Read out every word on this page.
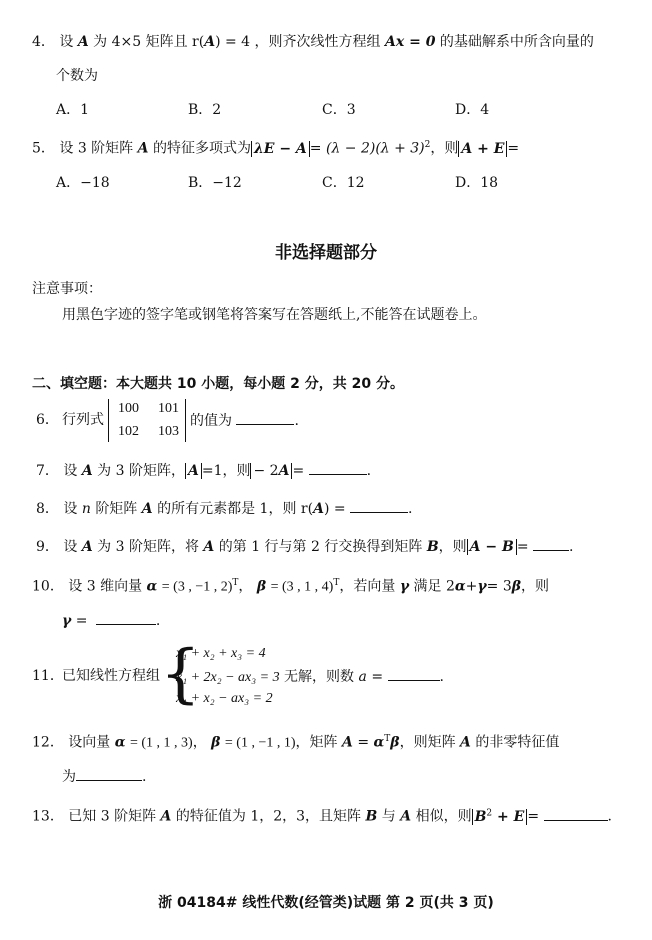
4． 设 A 为 4×5 矩阵且 r(A) = 4 ，则齐次线性方程组 Ax = 0 的基础解系中所含向量的
个数为
A．1	B．2	C．3	D．4
5． 设 3 阶矩阵 A 的特征多项式为 $\lambda E - A = (\lambda - 2)(\lambda + 3)^2$，则 A + E =
A．−18	B．−12	C．12	D．18
非选择题部分
注意事项：
用黑色字迹的签字笔或钢笔将答案写在答题纸上,不能答在试题卷上。
二、填空题：本大题共 10 小题，每小题 2 分，共 20 分。
6． 行列式
100 101
102 103
的值为	.
7． 设 A 为 3 阶矩阵， A =1，则 − 2A =	.
8． 设 n 阶矩阵 A 的所有元素都是 1，则 r(A) =	.
9． 设 A 为 3 阶矩阵，将 A 的第 1 行与第 2 行交换得到矩阵 B，则 A − B =	.
10． 设 3 维向量 α = (3 , −1 , 2)$^T$， β = (3 , 1 , 4)$^T$，若向量 γ 满足 2α+γ= 3β，则
γ =	.
11．
已知线性方程组 {
x₁ + x₂ + x₃ = 4
x₁ + 2x₂ − ax₃ = 3 无解，则数 a =	.
x₁ + x₂ − ax₃ = 2
12． 设向量 α = (1 , 1 , 3)， β = (1 , −1 , 1)，矩阵 $A = \alpha^T\beta$，则矩阵 A 的非零特征值
为	.
13． 已知 3 阶矩阵 A 的特征值为 1，2，3，且矩阵 B 与 A 相似，则 $B^2 + E$ =	.
浙 04184# 线性代数(经管类)试题 第 2 页(共 3 页)
